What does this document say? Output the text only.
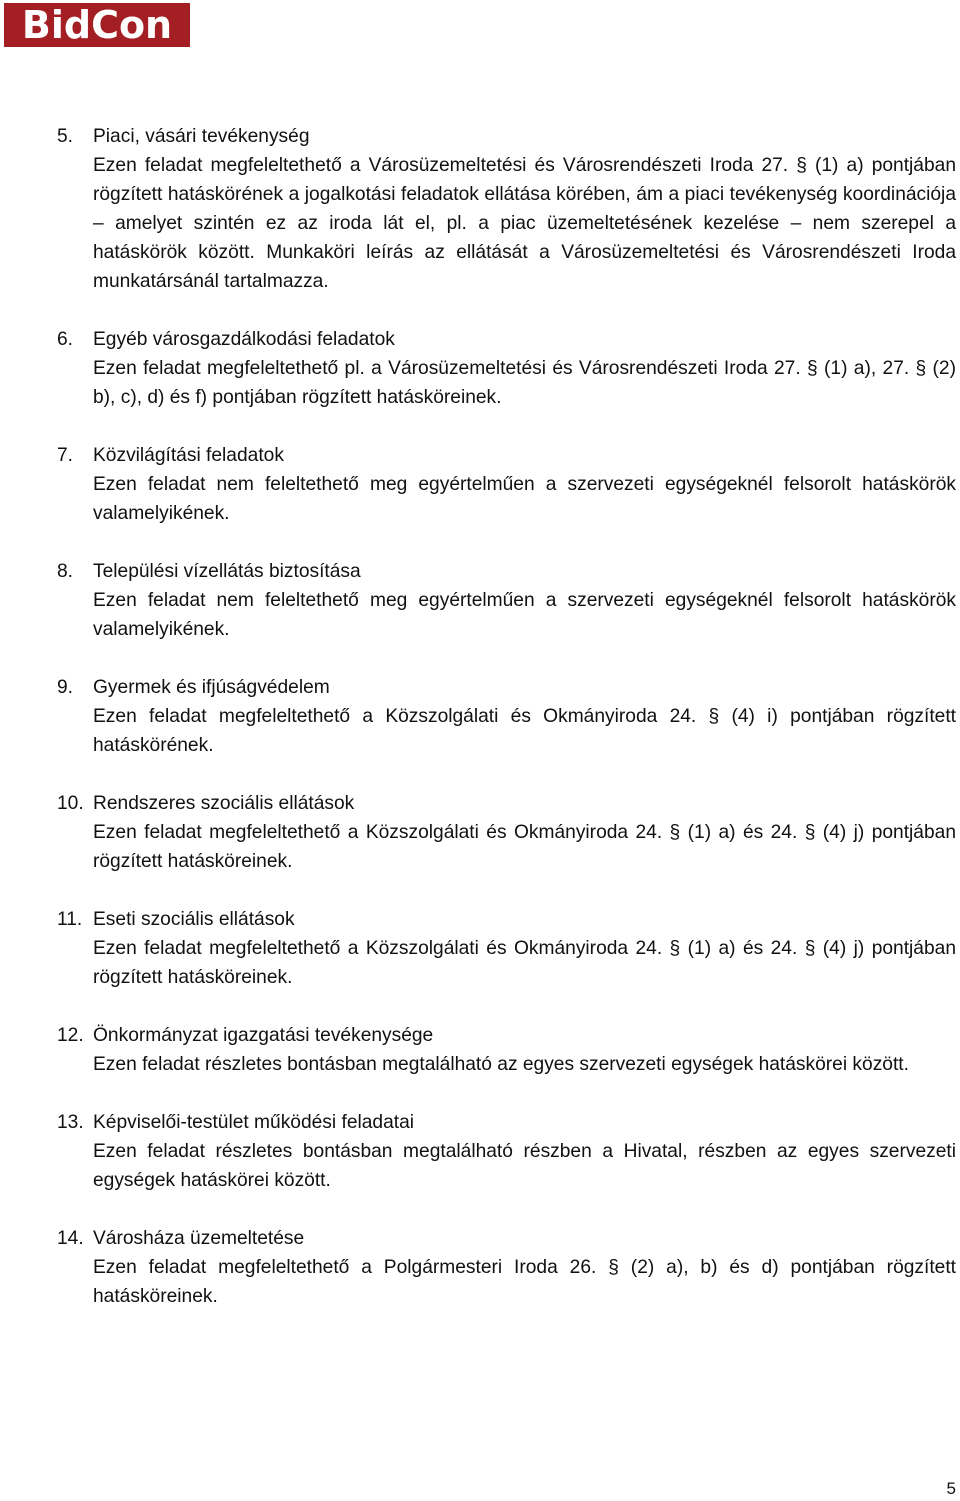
BidCon
5. Piaci, vásári tevékenység
Ezen feladat megfeleltethető a Városüzemeltetési és Városrendészeti Iroda 27. § (1) a) pontjában rögzített hatáskörének a jogalkotási feladatok ellátása körében, ám a piaci tevékenység koordinációja – amelyet szintén ez az iroda lát el, pl. a piac üzemeltetésének kezelése – nem szerepel a hatáskörök között. Munkaköri leírás az ellátását a Városüzemeltetési és Városrendészeti Iroda munkatársánál tartalmazza.
6. Egyéb városgazdálkodási feladatok
Ezen feladat megfeleltethető pl. a Városüzemeltetési és Városrendészeti Iroda 27. § (1) a), 27. § (2) b), c), d) és f) pontjában rögzített hatásköreinek.
7. Közvilágítási feladatok
Ezen feladat nem feleltethető meg egyértelműen a szervezeti egységeknél felsorolt hatáskörök valamelyikének.
8. Települési vízellátás biztosítása
Ezen feladat nem feleltethető meg egyértelműen a szervezeti egységeknél felsorolt hatáskörök valamelyikének.
9. Gyermek és ifjúságvédelem
Ezen feladat megfeleltethető a Közszolgálati és Okmányiroda 24. § (4) i) pontjában rögzített hatáskörének.
10. Rendszeres szociális ellátások
Ezen feladat megfeleltethető a Közszolgálati és Okmányiroda 24. § (1) a) és 24. § (4) j) pontjában rögzített hatásköreinek.
11. Eseti szociális ellátások
Ezen feladat megfeleltethető a Közszolgálati és Okmányiroda 24. § (1) a) és 24. § (4) j) pontjában rögzített hatásköreinek.
12. Önkormányzat igazgatási tevékenysége
Ezen feladat részletes bontásban megtalálható az egyes szervezeti egységek hatáskörei között.
13. Képviselői-testület működési feladatai
Ezen feladat részletes bontásban megtalálható részben a Hivatal, részben az egyes szervezeti egységek hatáskörei között.
14. Városháza üzemeltetése
Ezen feladat megfeleltethető a Polgármesteri Iroda 26. § (2) a), b) és d) pontjában rögzített hatásköreinek.
5
